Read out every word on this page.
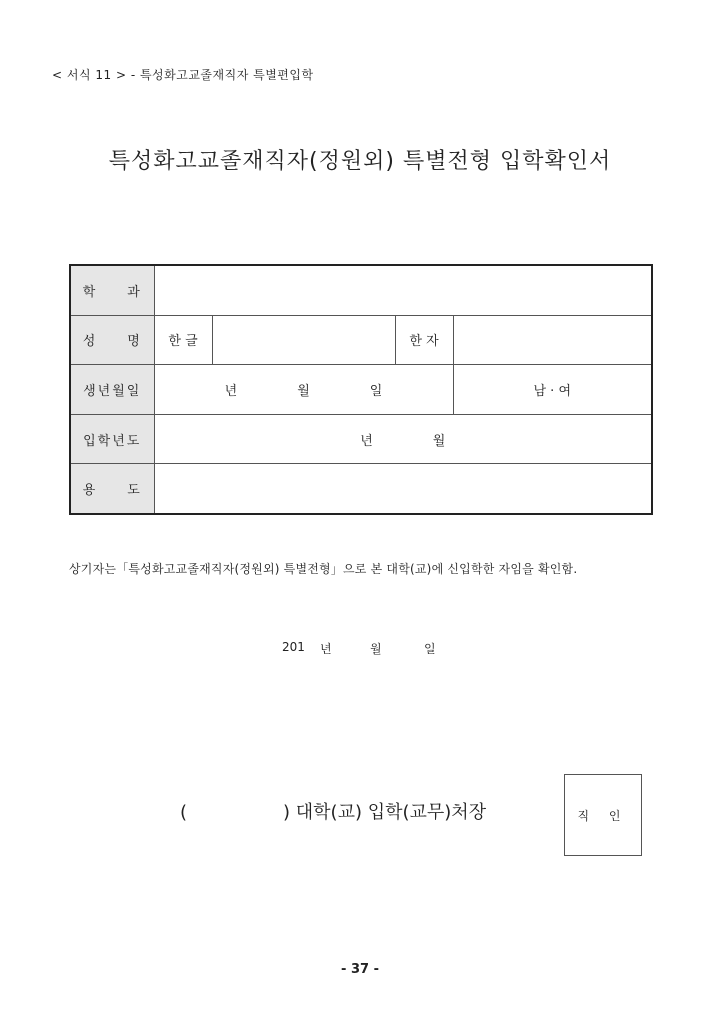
< 서식 11 > - 특성화고교졸재직자 특별편입학
특성화고교졸재직자(정원외) 특별전형 입학확인서
학　　과				
성　　명	한 글		한 자	
생년월일	년 월 일			남 · 여
입학년도	년 월			

용　　도				
상기자는「특성화고교졸재직자(정원외) 특별전형」으로 본 대학(교)에 신입학한 자임을 확인함.
201 년	월	일
(	) 대학(교) 입학(교무)처장	직 인
- 37 -
